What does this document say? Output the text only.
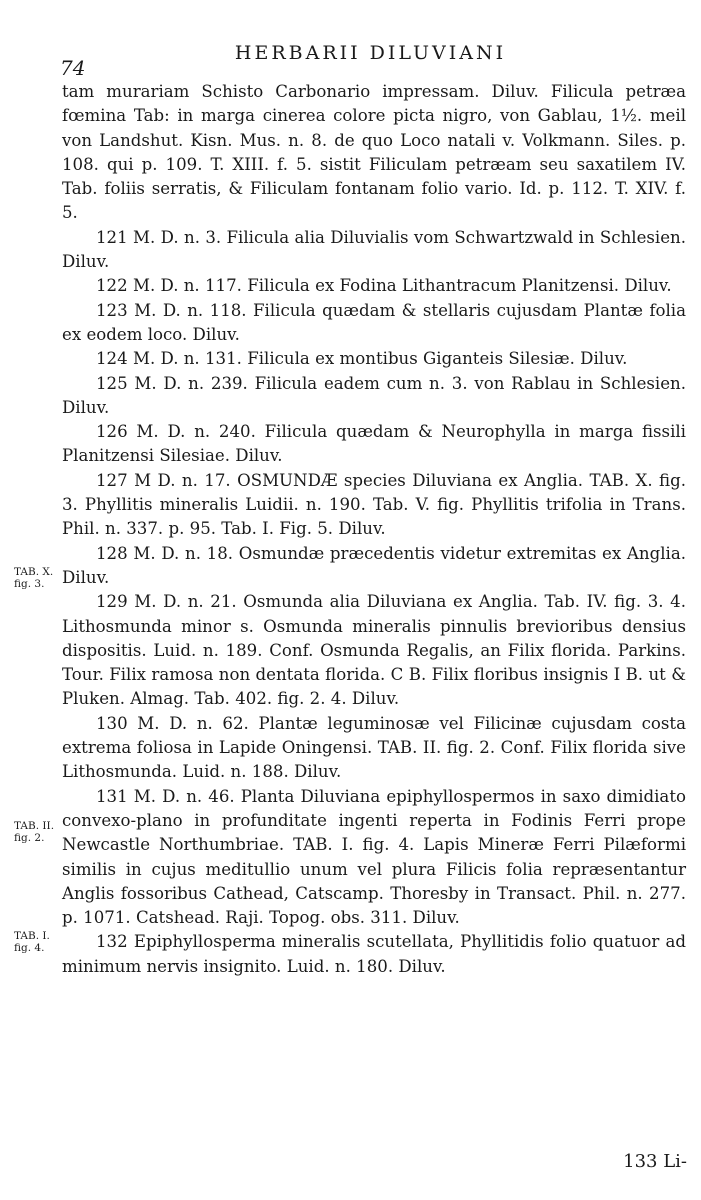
74
HERBARII DILUVIANI

tam murariam Schisto Carbonario impressam. Diluv. Filicula petræa fœmina Tab: in marga cinerea colore picta nigro, von Gablau, 1½. meil von Landshut. Kisn. Mus. n. 8. de quo Loco natali v. Volkmann. Siles. p. 108. qui p. 109. T. XIII. f. 5. sistit Filiculam petræam seu saxatilem IV. Tab. foliis serratis, & Filiculam fontanam folio vario. Id. p. 112. T. XIV. f. 5.

121 M. D. n. 3. Filicula alia Diluvialis vom Schwartzwald in Schlesien. Diluv.

122 M. D. n. 117. Filicula ex Fodina Lithantracum Planitzensi. Diluv.

123 M. D. n. 118. Filicula quædam & stellaris cujusdam Plantæ folia ex eodem loco. Diluv.

124 M. D. n. 131. Filicula ex montibus Giganteis Silesiæ. Diluv.

125 M. D. n. 239. Filicula eadem cum n. 3. von Rablau in Schlesien. Diluv.

126 M. D. n. 240. Filicula quædam & Neurophylla in marga fissili Planitzensi Silesiae. Diluv.

127 M D. n. 17. OSMUNDÆ species Diluviana ex Anglia. TAB. X. fig. 3. Phyllitis mineralis Luidii. n. 190. Tab. V. fig. Phyllitis trifolia in Trans. Phil. n. 337. p. 95. Tab. I. Fig. 5. Diluv.

128 M. D. n. 18. Osmundæ præcedentis videtur extremitas ex Anglia. Diluv.

129 M. D. n. 21. Osmunda alia Diluviana ex Anglia. Tab. IV. fig. 3. 4. Lithosmunda minor s. Osmunda mineralis pinnulis brevioribus densius dispositis. Luid. n. 189. Conf. Osmunda Regalis, an Filix florida. Parkins. Tour. Filix ramosa non dentata florida. C B. Filix floribus insignis I B. ut & Pluken. Almag. Tab. 402. fig. 2. 4. Diluv.

130 M. D. n. 62. Plantæ leguminosæ vel Filicinæ cujusdam costa extrema foliosa in Lapide Oningensi. TAB. II. fig. 2. Conf. Filix florida sive Lithosmunda. Luid. n. 188. Diluv.

131 M. D. n. 46. Planta Diluviana epiphyllospermos in saxo dimidiato convexo-plano in profunditate ingenti reperta in Fodinis Ferri prope Newcastle Northumbriae. TAB. I. fig. 4. Lapis Mineræ Ferri Pilæformi similis in cujus meditullio unum vel plura Filicis folia repræsentantur Anglis fossoribus Cathead, Catscamp. Thoresby in Transact. Phil. n. 277. p. 1071. Catshead. Raji. Topog. obs. 311. Diluv.

132 Epiphyllosperma mineralis scutellata, Phyllitidis folio quatuor ad minimum nervis insignito. Luid. n. 180. Diluv.

TAB. X. fig. 3.
TAB. II. fig. 2.
TAB. I. fig. 4.
133 Li-
